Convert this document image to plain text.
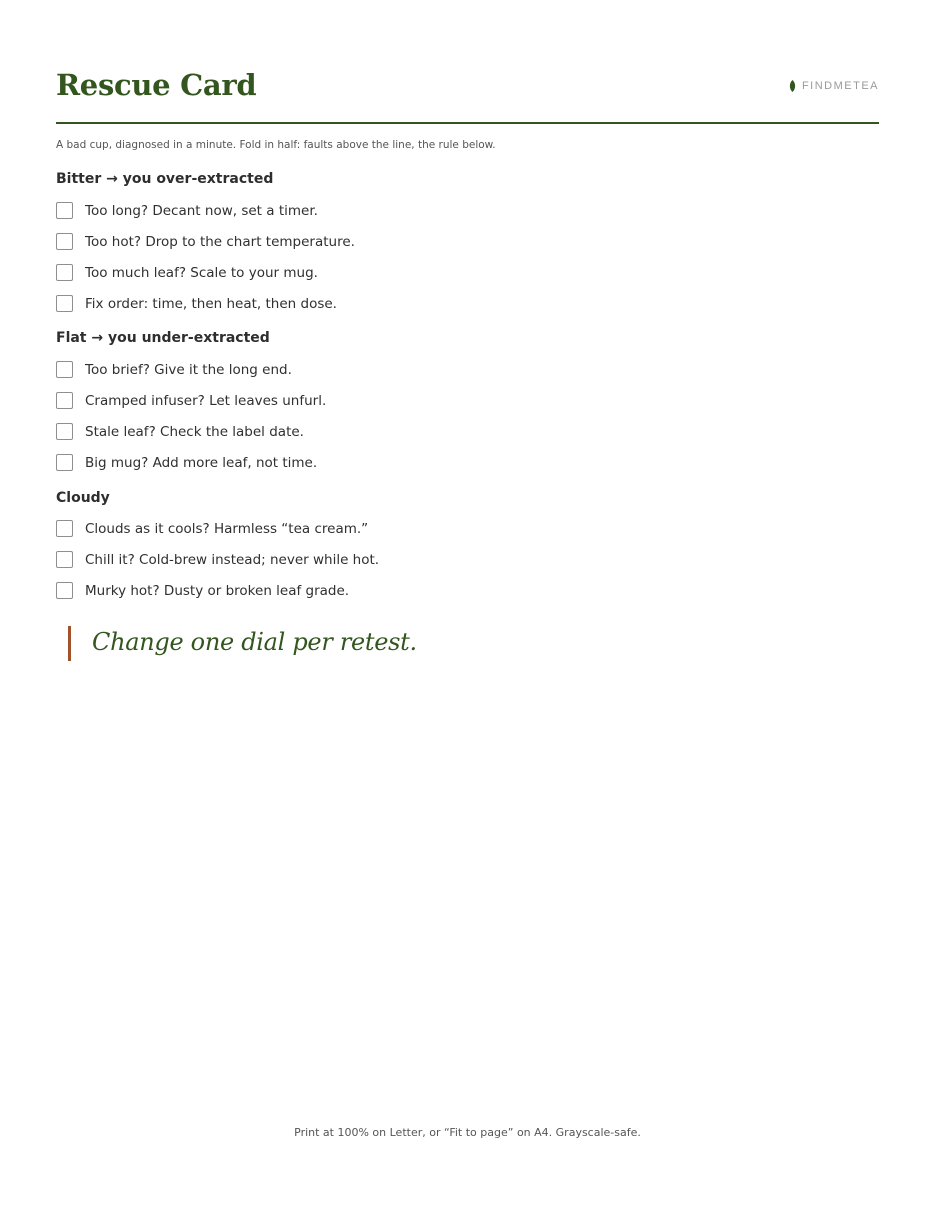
Rescue Card	FINDMETEA
A bad cup, diagnosed in a minute. Fold in half: faults above the line, the rule below.
Bitter → you over-extracted
Too long? Decant now, set a timer.
Too hot? Drop to the chart temperature.
Too much leaf? Scale to your mug.
Fix order: time, then heat, then dose.
Flat → you under-extracted
Too brief? Give it the long end.
Cramped infuser? Let leaves unfurl.
Stale leaf? Check the label date.
Big mug? Add more leaf, not time.
Cloudy
Clouds as it cools? Harmless “tea cream.”
Chill it? Cold-brew instead; never while hot.
Murky hot? Dusty or broken leaf grade.
Change one dial per retest.
Print at 100% on Letter, or “Fit to page” on A4. Grayscale-safe.
